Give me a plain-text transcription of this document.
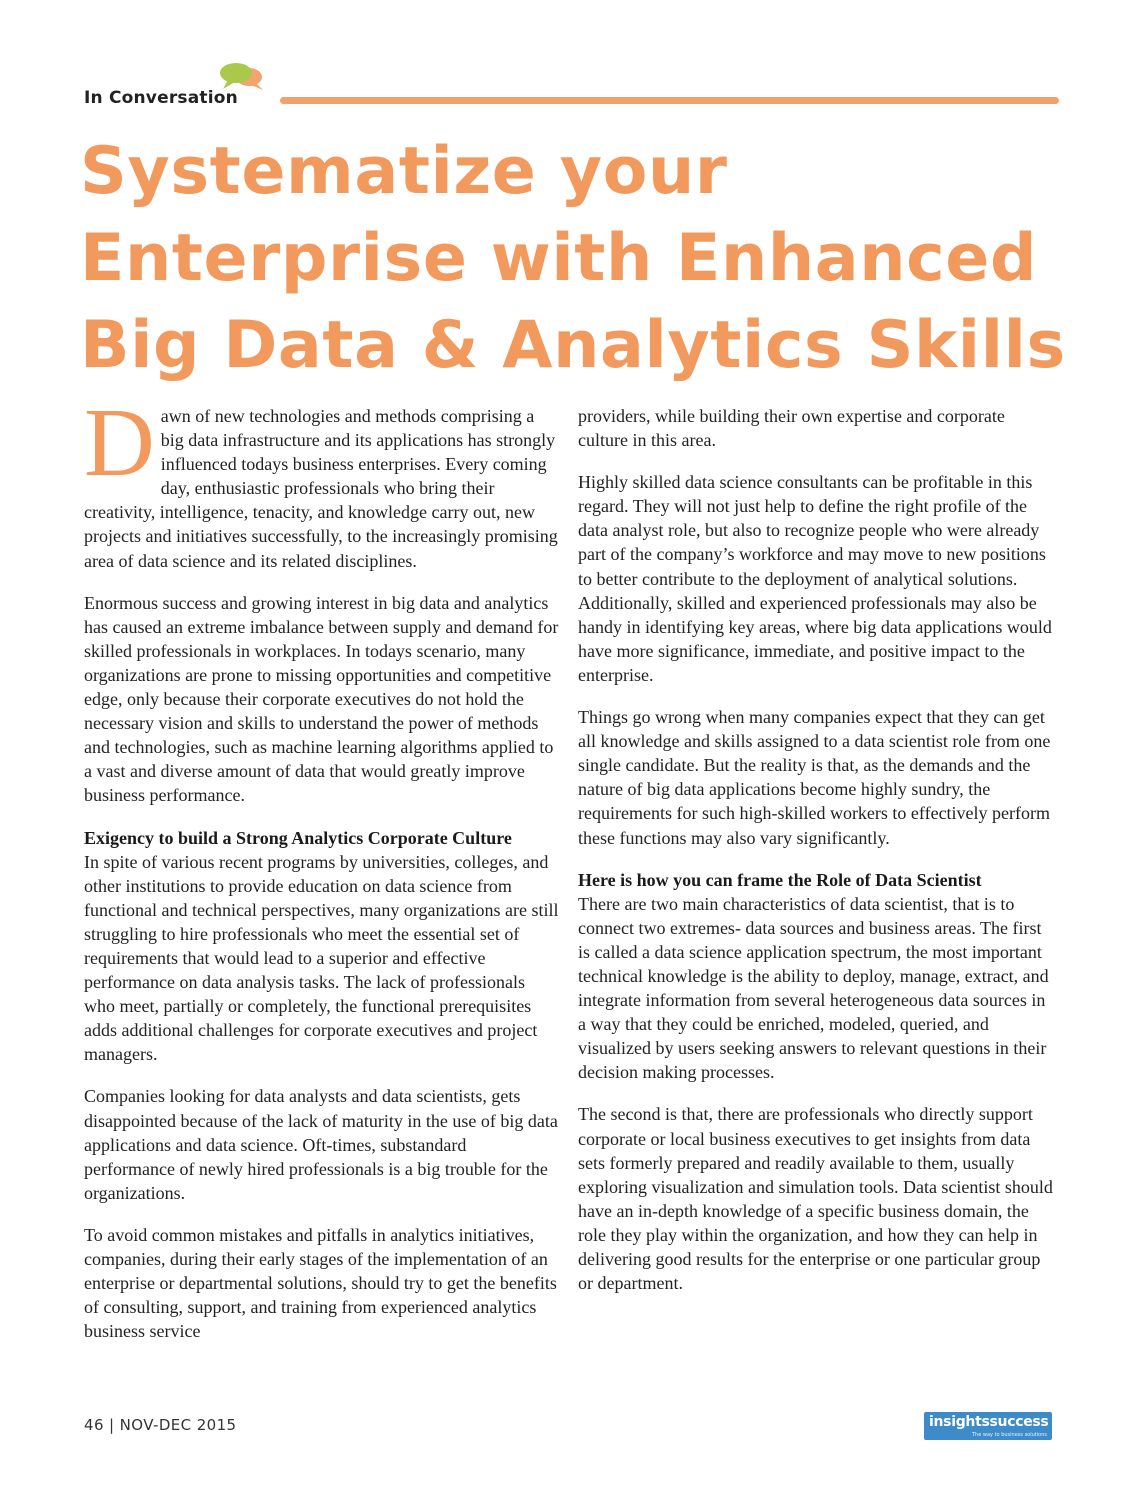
In Conversation
Systematize your Enterprise with Enhanced Big Data & Analytics Skills

Dawn of new technologies and methods comprising a big data infrastructure and its applications has strongly influenced todays business enterprises. Every coming day, enthusiastic professionals who bring their creativity, intelligence, tenacity, and knowledge carry out, new projects and initiatives successfully, to the increasingly promising area of data science and its related disciplines.

Enormous success and growing interest in big data and analytics has caused an extreme imbalance between supply and demand for skilled professionals in workplaces. In todays scenario, many organizations are prone to missing opportunities and competitive edge, only because their corporate executives do not hold the necessary vision and skills to understand the power of methods and technologies, such as machine learning algorithms applied to a vast and diverse amount of data that would greatly improve business performance.

Exigency to build a Strong Analytics Corporate Culture

In spite of various recent programs by universities, colleges, and other institutions to provide education on data science from functional and technical perspectives, many organizations are still struggling to hire professionals who meet the essential set of requirements that would lead to a superior and effective performance on data analysis tasks. The lack of professionals who meet, partially or completely, the functional prerequisites adds additional challenges for corporate executives and project managers.

Companies looking for data analysts and data scientists, gets disappointed because of the lack of maturity in the use of big data applications and data science. Oft-times, substandard performance of newly hired professionals is a big trouble for the organizations.

To avoid common mistakes and pitfalls in analytics initiatives, companies, during their early stages of the implementation of an enterprise or departmental solutions, should try to get the benefits of consulting, support, and training from experienced analytics business service

providers, while building their own expertise and corporate culture in this area.

Highly skilled data science consultants can be profitable in this regard. They will not just help to define the right profile of the data analyst role, but also to recognize people who were already part of the company’s workforce and may move to new positions to better contribute to the deployment of analytical solutions. Additionally, skilled and experienced professionals may also be handy in identifying key areas, where big data applications would have more significance, immediate, and positive impact to the enterprise.

Things go wrong when many companies expect that they can get all knowledge and skills assigned to a data scientist role from one single candidate. But the reality is that, as the demands and the nature of big data applications become highly sundry, the requirements for such high-skilled workers to effectively perform these functions may also vary significantly.

Here is how you can frame the Role of Data Scientist

There are two main characteristics of data scientist, that is to connect two extremes- data sources and business areas. The first is called a data science application spectrum, the most important technical knowledge is the ability to deploy, manage, extract, and integrate information from several heterogeneous data sources in a way that they could be enriched, modeled, queried, and visualized by users seeking answers to relevant questions in their decision making processes.

The second is that, there are professionals who directly support corporate or local business executives to get insights from data sets formerly prepared and readily available to them, usually exploring visualization and simulation tools. Data scientist should have an in-depth knowledge of a specific business domain, the role they play within the organization, and how they can help in delivering good results for the enterprise or one particular group or department.

46 | NOV-DEC 2015	insightssuccess
The way to business solutions
